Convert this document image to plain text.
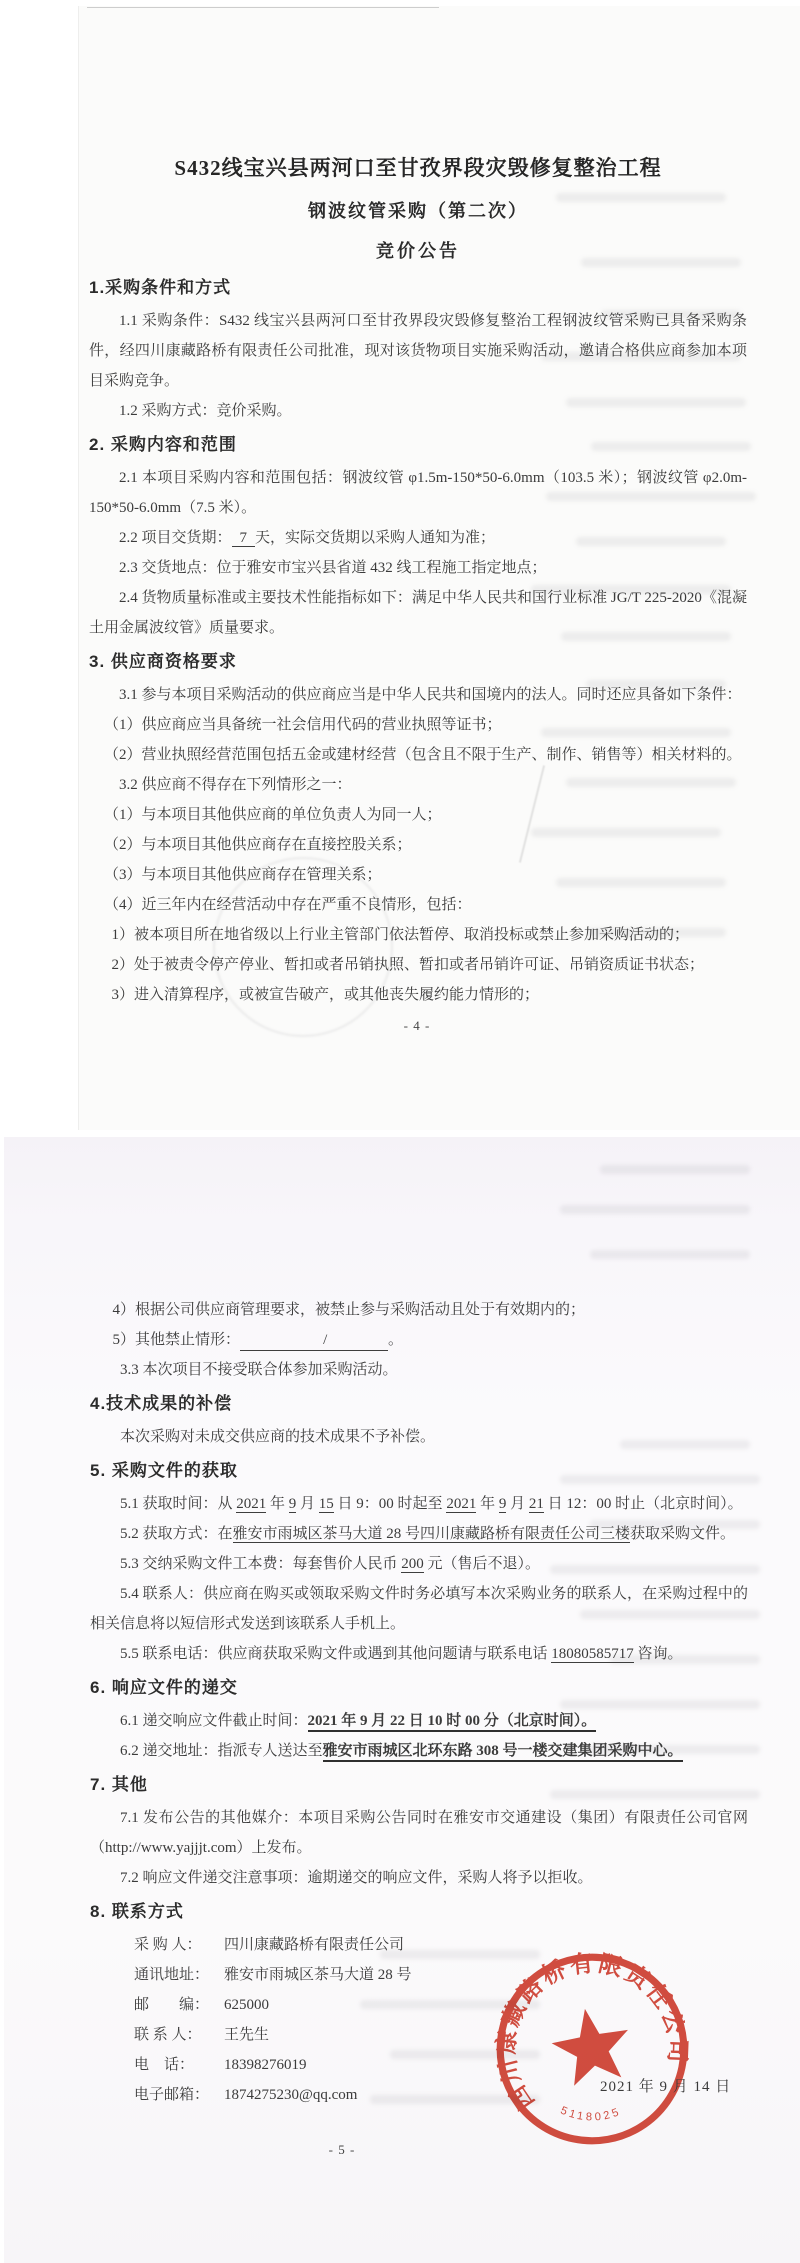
S432线宝兴县两河口至甘孜界段灾毁修复整治工程
钢波纹管采购（第二次）
竞价公告
1.采购条件和方式

1.1 采购条件：S432 线宝兴县两河口至甘孜界段灾毁修复整治工程钢波纹管采购已具备采购条件，经四川康藏路桥有限责任公司批准，现对该货物项目实施采购活动，邀请合格供应商参加本项目采购竞争。

1.2 采购方式：竞价采购。

2. 采购内容和范围

2.1 本项目采购内容和范围包括：钢波纹管 φ1.5m-150*50-6.0mm（103.5 米）；钢波纹管 φ2.0m-150*50-6.0mm（7.5 米）。

2.2 项目交货期： 7 天，实际交货期以采购人通知为准；

2.3 交货地点：位于雅安市宝兴县省道 432 线工程施工指定地点；

2.4 货物质量标准或主要技术性能指标如下：满足中华人民共和国行业标准 JG/T 225-2020《混凝土用金属波纹管》质量要求。

3. 供应商资格要求

3.1 参与本项目采购活动的供应商应当是中华人民共和国境内的法人。同时还应具备如下条件：

（1）供应商应当具备统一社会信用代码的营业执照等证书；

（2）营业执照经营范围包括五金或建材经营（包含且不限于生产、制作、销售等）相关材料的。

3.2 供应商不得存在下列情形之一：

（1）与本项目其他供应商的单位负责人为同一人；

（2）与本项目其他供应商存在直接控股关系；

（3）与本项目其他供应商存在管理关系；

（4）近三年内在经营活动中存在严重不良情形，包括：

1）被本项目所在地省级以上行业主管部门依法暂停、取消投标或禁止参加采购活动的；

2）处于被责令停产停业、暂扣或者吊销执照、暂扣或者吊销许可证、吊销资质证书状态；

3）进入清算程序，或被宣告破产，或其他丧失履约能力情形的；

- 4 -

4）根据公司供应商管理要求，被禁止参与采购活动且处于有效期内的；

5）其他禁止情形：	/	。

3.3 本次项目不接受联合体参加采购活动。

4.技术成果的补偿

本次采购对未成交供应商的技术成果不予补偿。

5. 采购文件的获取

5.1 获取时间：从 2021 年 9 月 15 日 9：00 时起至 2021 年 9 月 21 日 12：00 时止（北京时间）。

5.2 获取方式：在雅安市雨城区茶马大道 28 号四川康藏路桥有限责任公司三楼获取采购文件。

5.3 交纳采购文件工本费：每套售价人民币 200 元（售后不退）。

5.4 联系人：供应商在购买或领取采购文件时务必填写本次采购业务的联系人，在采购过程中的相关信息将以短信形式发送到该联系人手机上。

5.5 联系电话：供应商获取采购文件或遇到其他问题请与联系电话 18080585717 咨询。

6. 响应文件的递交

6.1 递交响应文件截止时间：2021 年 9 月 22 日 10 时 00 分（北京时间）。

6.2 递交地址：指派专人送达至雅安市雨城区北环东路 308 号一楼交建集团采购中心。

7. 其他

7.1 发布公告的其他媒介：本项目采购公告同时在雅安市交通建设（集团）有限责任公司官网（http://www.yajjjt.com）上发布。

7.2 响应文件递交注意事项：逾期递交的响应文件，采购人将予以拒收。

8. 联系方式

采 购 人： 四川康藏路桥有限责任公司

通讯地址： 雅安市雨城区茶马大道 28 号

邮　　编： 625000

联 系 人： 王先生

电　话： 18398276019

电子邮箱： 1874275230@qq.com	四川康藏路桥有限责任公司
5118025
2021 年 9 月 14 日
- 5 -
